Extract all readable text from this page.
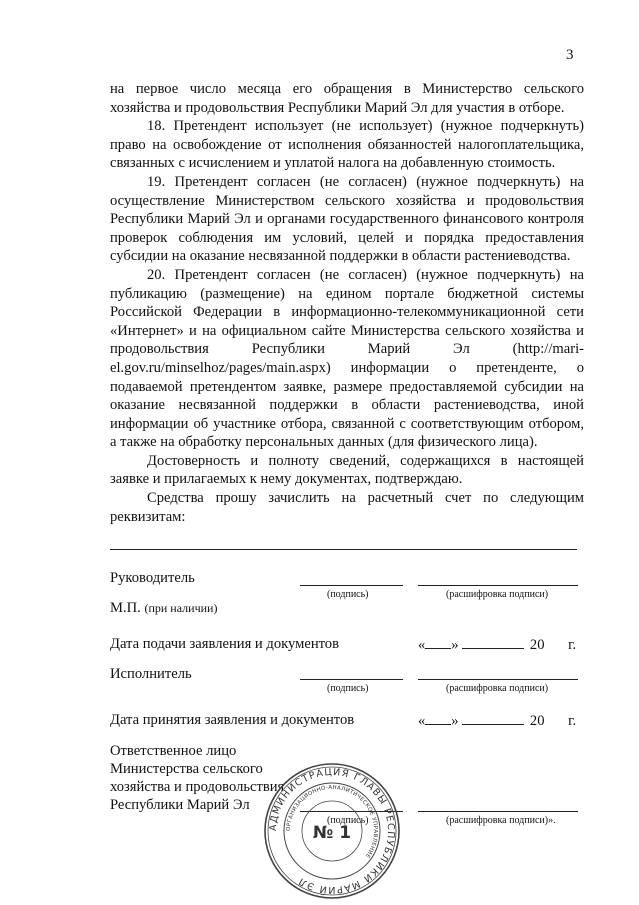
3

на первое число месяца его обращения в Министерство сельского хозяйства и продовольствия Республики Марий Эл для участия в отборе.

18. Претендент использует (не использует) (нужное подчеркнуть) право на освобождение от исполнения обязанностей налогоплательщика, связанных с исчислением и уплатой налога на добавленную стоимость.

19. Претендент согласен (не согласен) (нужное подчеркнуть) на осуществление Министерством сельского хозяйства и продовольствия Республики Марий Эл и органами государственного финансового контроля проверок соблюдения им условий, целей и порядка предоставления субсидии на оказание несвязанной поддержки в области растениеводства.

20. Претендент согласен (не согласен) (нужное подчеркнуть) на публикацию (размещение) на едином портале бюджетной системы Российской Федерации в информационно-телекоммуникационной сети «Интернет» и на официальном сайте Министерства сельского хозяйства и продовольствия Республики Марий Эл (http://mari-el.gov.ru/minselhoz/pages/main.aspx) информации о претенденте, о подаваемой претендентом заявке, размере предоставляемой субсидии на оказание несвязанной поддержки в области растениеводства, иной информации об участнике отбора, связанной с соответствующим отбором, а также на обработку персональных данных (для физического лица).

Достоверность и полноту сведений, содержащихся в настоящей заявке и прилагаемых к нему документах, подтверждаю.

Средства прошу зачислить на расчетный счет по следующим реквизитам:

Руководитель
(подпись)	(расшифровка подписи)
М.П. (при наличии)
Дата подачи заявления и документов	« »	20 г.
Исполнитель
(подпись)	(расшифровка подписи)
Дата принятия заявления и документов	« »	20 г.
Ответственное лицо
Министерства сельского
хозяйства и продовольствия
Республики Марий Эл
(подпись)	(расшифровка подписи)».
АДМИНИСТРАЦИЯ ГЛАВЫ РЕСПУБЛИКИ МАРИЙ ЭЛ
ОРГАНИЗАЦИОННО-АНАЛИТИЧЕСКОЕ УПРАВЛЕНИЕ
№ 1
